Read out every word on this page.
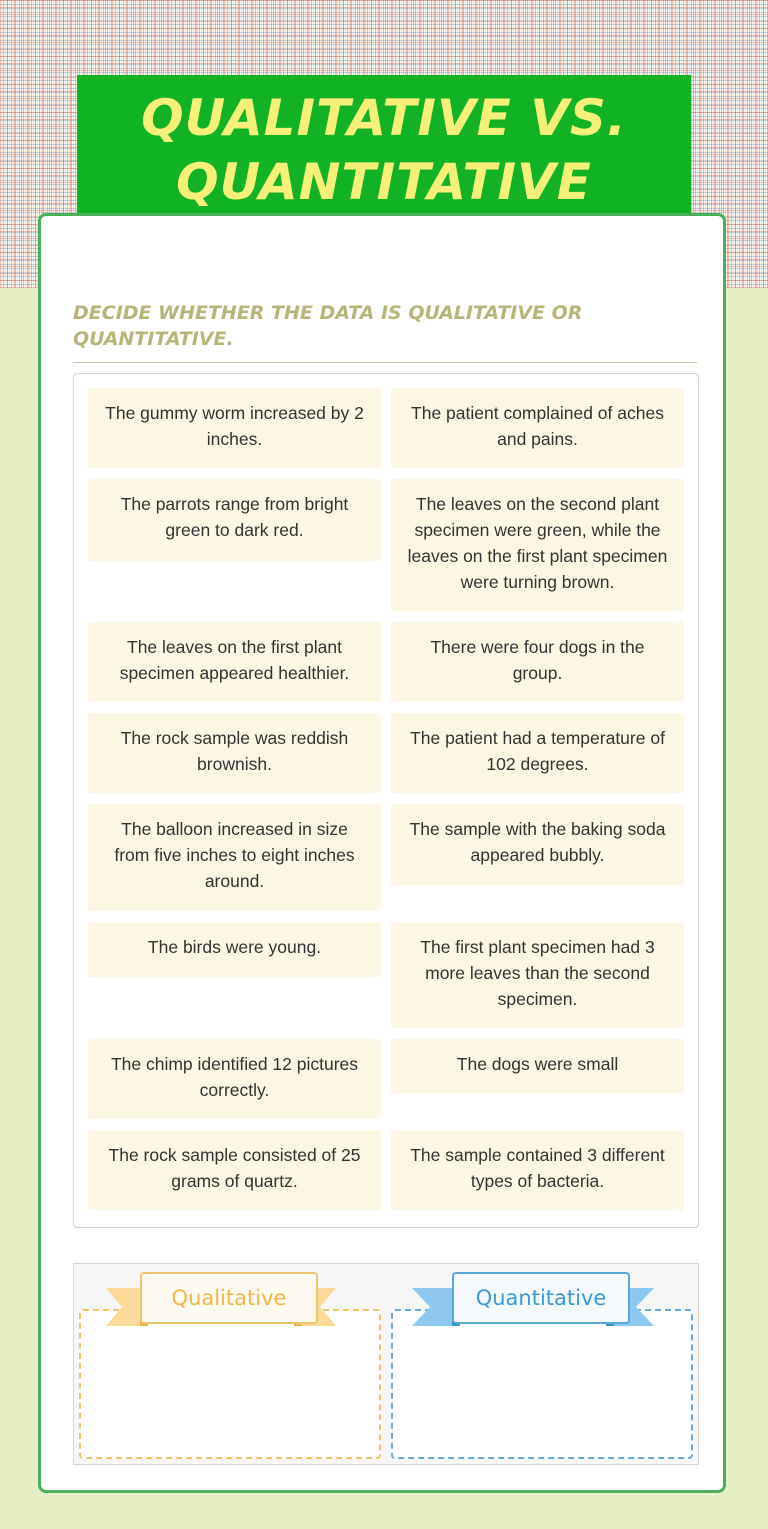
QUALITATIVE VS. QUANTITATIVE
DECIDE WHETHER THE DATA IS QUALITATIVE OR QUANTITATIVE.
The gummy worm increased by 2 inches.
The patient complained of aches and pains.
The parrots range from bright green to dark red.
The leaves on the second plant specimen were green, while the leaves on the first plant specimen were turning brown.
The leaves on the first plant specimen appeared healthier.
There were four dogs in the group.
The rock sample was reddish brownish.
The patient had a temperature of 102 degrees.
The balloon increased in size from five inches to eight inches around.
The sample with the baking soda appeared bubbly.
The birds were young.	The first plant specimen had 3 more leaves than the second specimen.
The chimp identified 12 pictures correctly.
The dogs were small
The rock sample consisted of 25 grams of quartz.
The sample contained 3 different types of bacteria.
Qualitative	Quantitative
